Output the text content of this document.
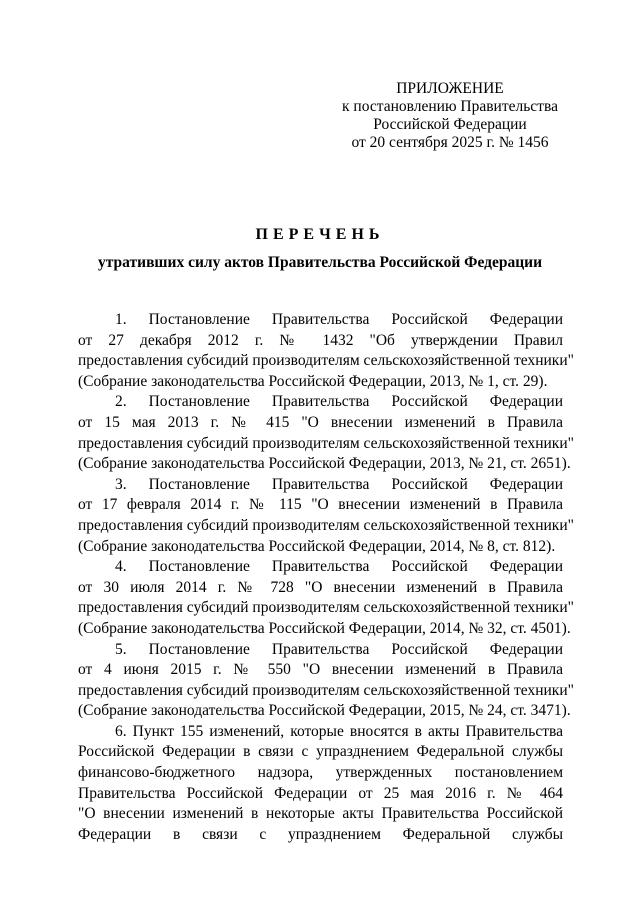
ПРИЛОЖЕНИЕ
к постановлению Правительства
Российской Федерации
от 20 сентября 2025 г. № 1456
ПЕРЕЧЕНЬ
утративших силу актов Правительства Российской Федерации
1. Постановление Правительства Российской Федерации
от 27 декабря 2012 г. № 1432 "Об утверждении Правил
предоставления субсидий производителям сельскохозяйственной техники"
(Собрание законодательства Российской Федерации, 2013, № 1, ст. 29).
2. Постановление Правительства Российской Федерации
от 15 мая 2013 г. № 415 "О внесении изменений в Правила
предоставления субсидий производителям сельскохозяйственной техники"
(Собрание законодательства Российской Федерации, 2013, № 21, ст. 2651).
3. Постановление Правительства Российской Федерации
от 17 февраля 2014 г. № 115 "О внесении изменений в Правила
предоставления субсидий производителям сельскохозяйственной техники"
(Собрание законодательства Российской Федерации, 2014, № 8, ст. 812).
4. Постановление Правительства Российской Федерации
от 30 июля 2014 г. № 728 "О внесении изменений в Правила
предоставления субсидий производителям сельскохозяйственной техники"
(Собрание законодательства Российской Федерации, 2014, № 32, ст. 4501).
5. Постановление Правительства Российской Федерации
от 4 июня 2015 г. № 550 "О внесении изменений в Правила
предоставления субсидий производителям сельскохозяйственной техники"
(Собрание законодательства Российской Федерации, 2015, № 24, ст. 3471).
6. Пункт 155 изменений, которые вносятся в акты Правительства
Российской Федерации в связи с упразднением Федеральной службы
финансово-бюджетного надзора, утвержденных постановлением
Правительства Российской Федерации от 25 мая 2016 г. № 464
"О внесении изменений в некоторые акты Правительства Российской
Федерации в связи с упразднением Федеральной службы
